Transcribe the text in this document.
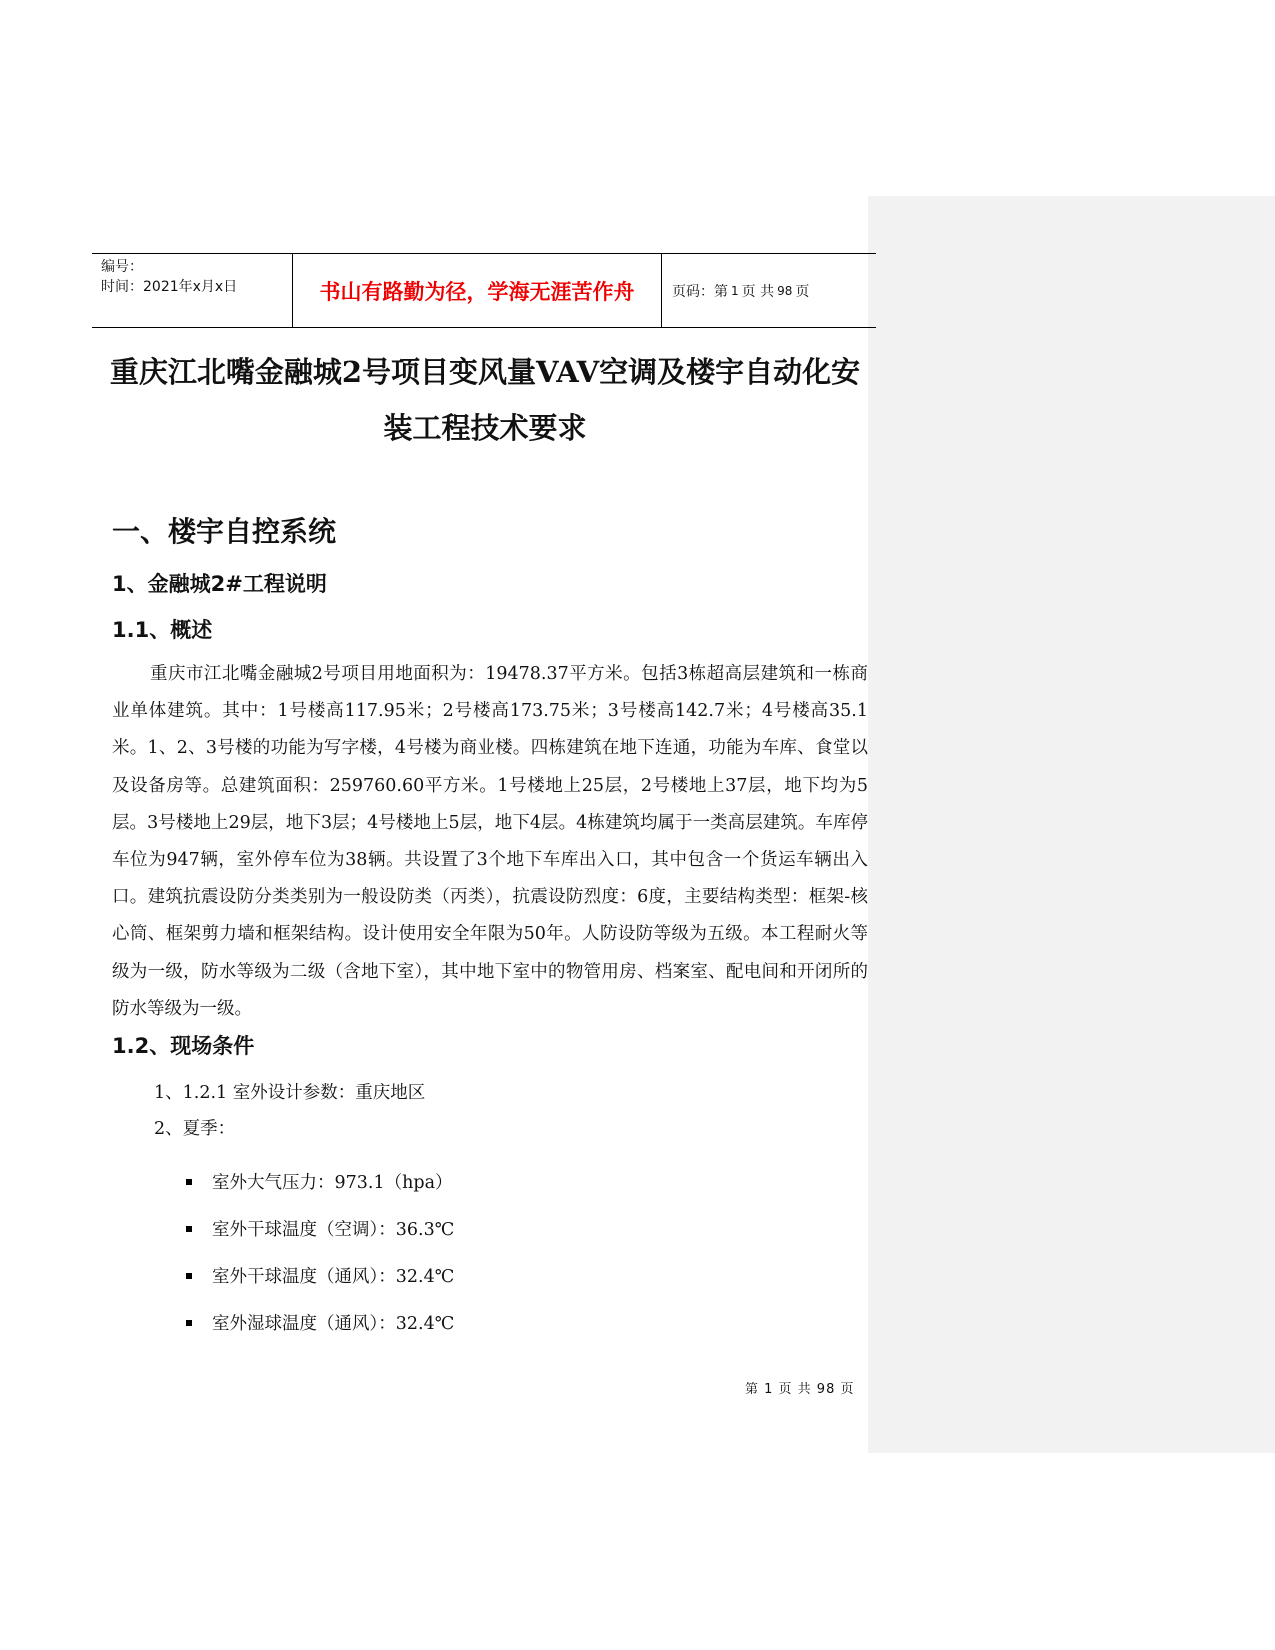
编号：
时间：2021年x月x日	书山有路勤为径，学海无涯苦作舟	页码：第 1 页 共 98 页
重庆江北嘴金融城2号项目变风量VAV空调及楼宇自动化安
装工程技术要求
一、楼宇自控系统
1、金融城2#工程说明
1.1、概述
重庆市江北嘴金融城2号项目用地面积为：19478.37平方米。包括3栋超高层建筑和一栋商业单体建筑。其中：1号楼高117.95米；2号楼高173.75米；3号楼高142.7米；4号楼高35.1米。1、2、3号楼的功能为写字楼，4号楼为商业楼。四栋建筑在地下连通，功能为车库、食堂以及设备房等。总建筑面积：259760.60平方米。1号楼地上25层，2号楼地上37层，地下均为5层。3号楼地上29层，地下3层；4号楼地上5层，地下4层。4栋建筑均属于一类高层建筑。车库停车位为947辆，室外停车位为38辆。共设置了3个地下车库出入口，其中包含一个货运车辆出入口。建筑抗震设防分类类别为一般设防类（丙类），抗震设防烈度：6度，主要结构类型：框架-核心筒、框架剪力墙和框架结构。设计使用安全年限为50年。人防设防等级为五级。本工程耐火等级为一级，防水等级为二级（含地下室），其中地下室中的物管用房、档案室、配电间和开闭所的防水等级为一级。
1.2、现场条件
1、1.2.1 室外设计参数：重庆地区
2、夏季：
室外大气压力：973.1（hpa）
室外干球温度（空调）：36.3℃
室外干球温度（通风）：32.4℃
室外湿球温度（通风）：32.4℃
第 1 页 共 98 页
